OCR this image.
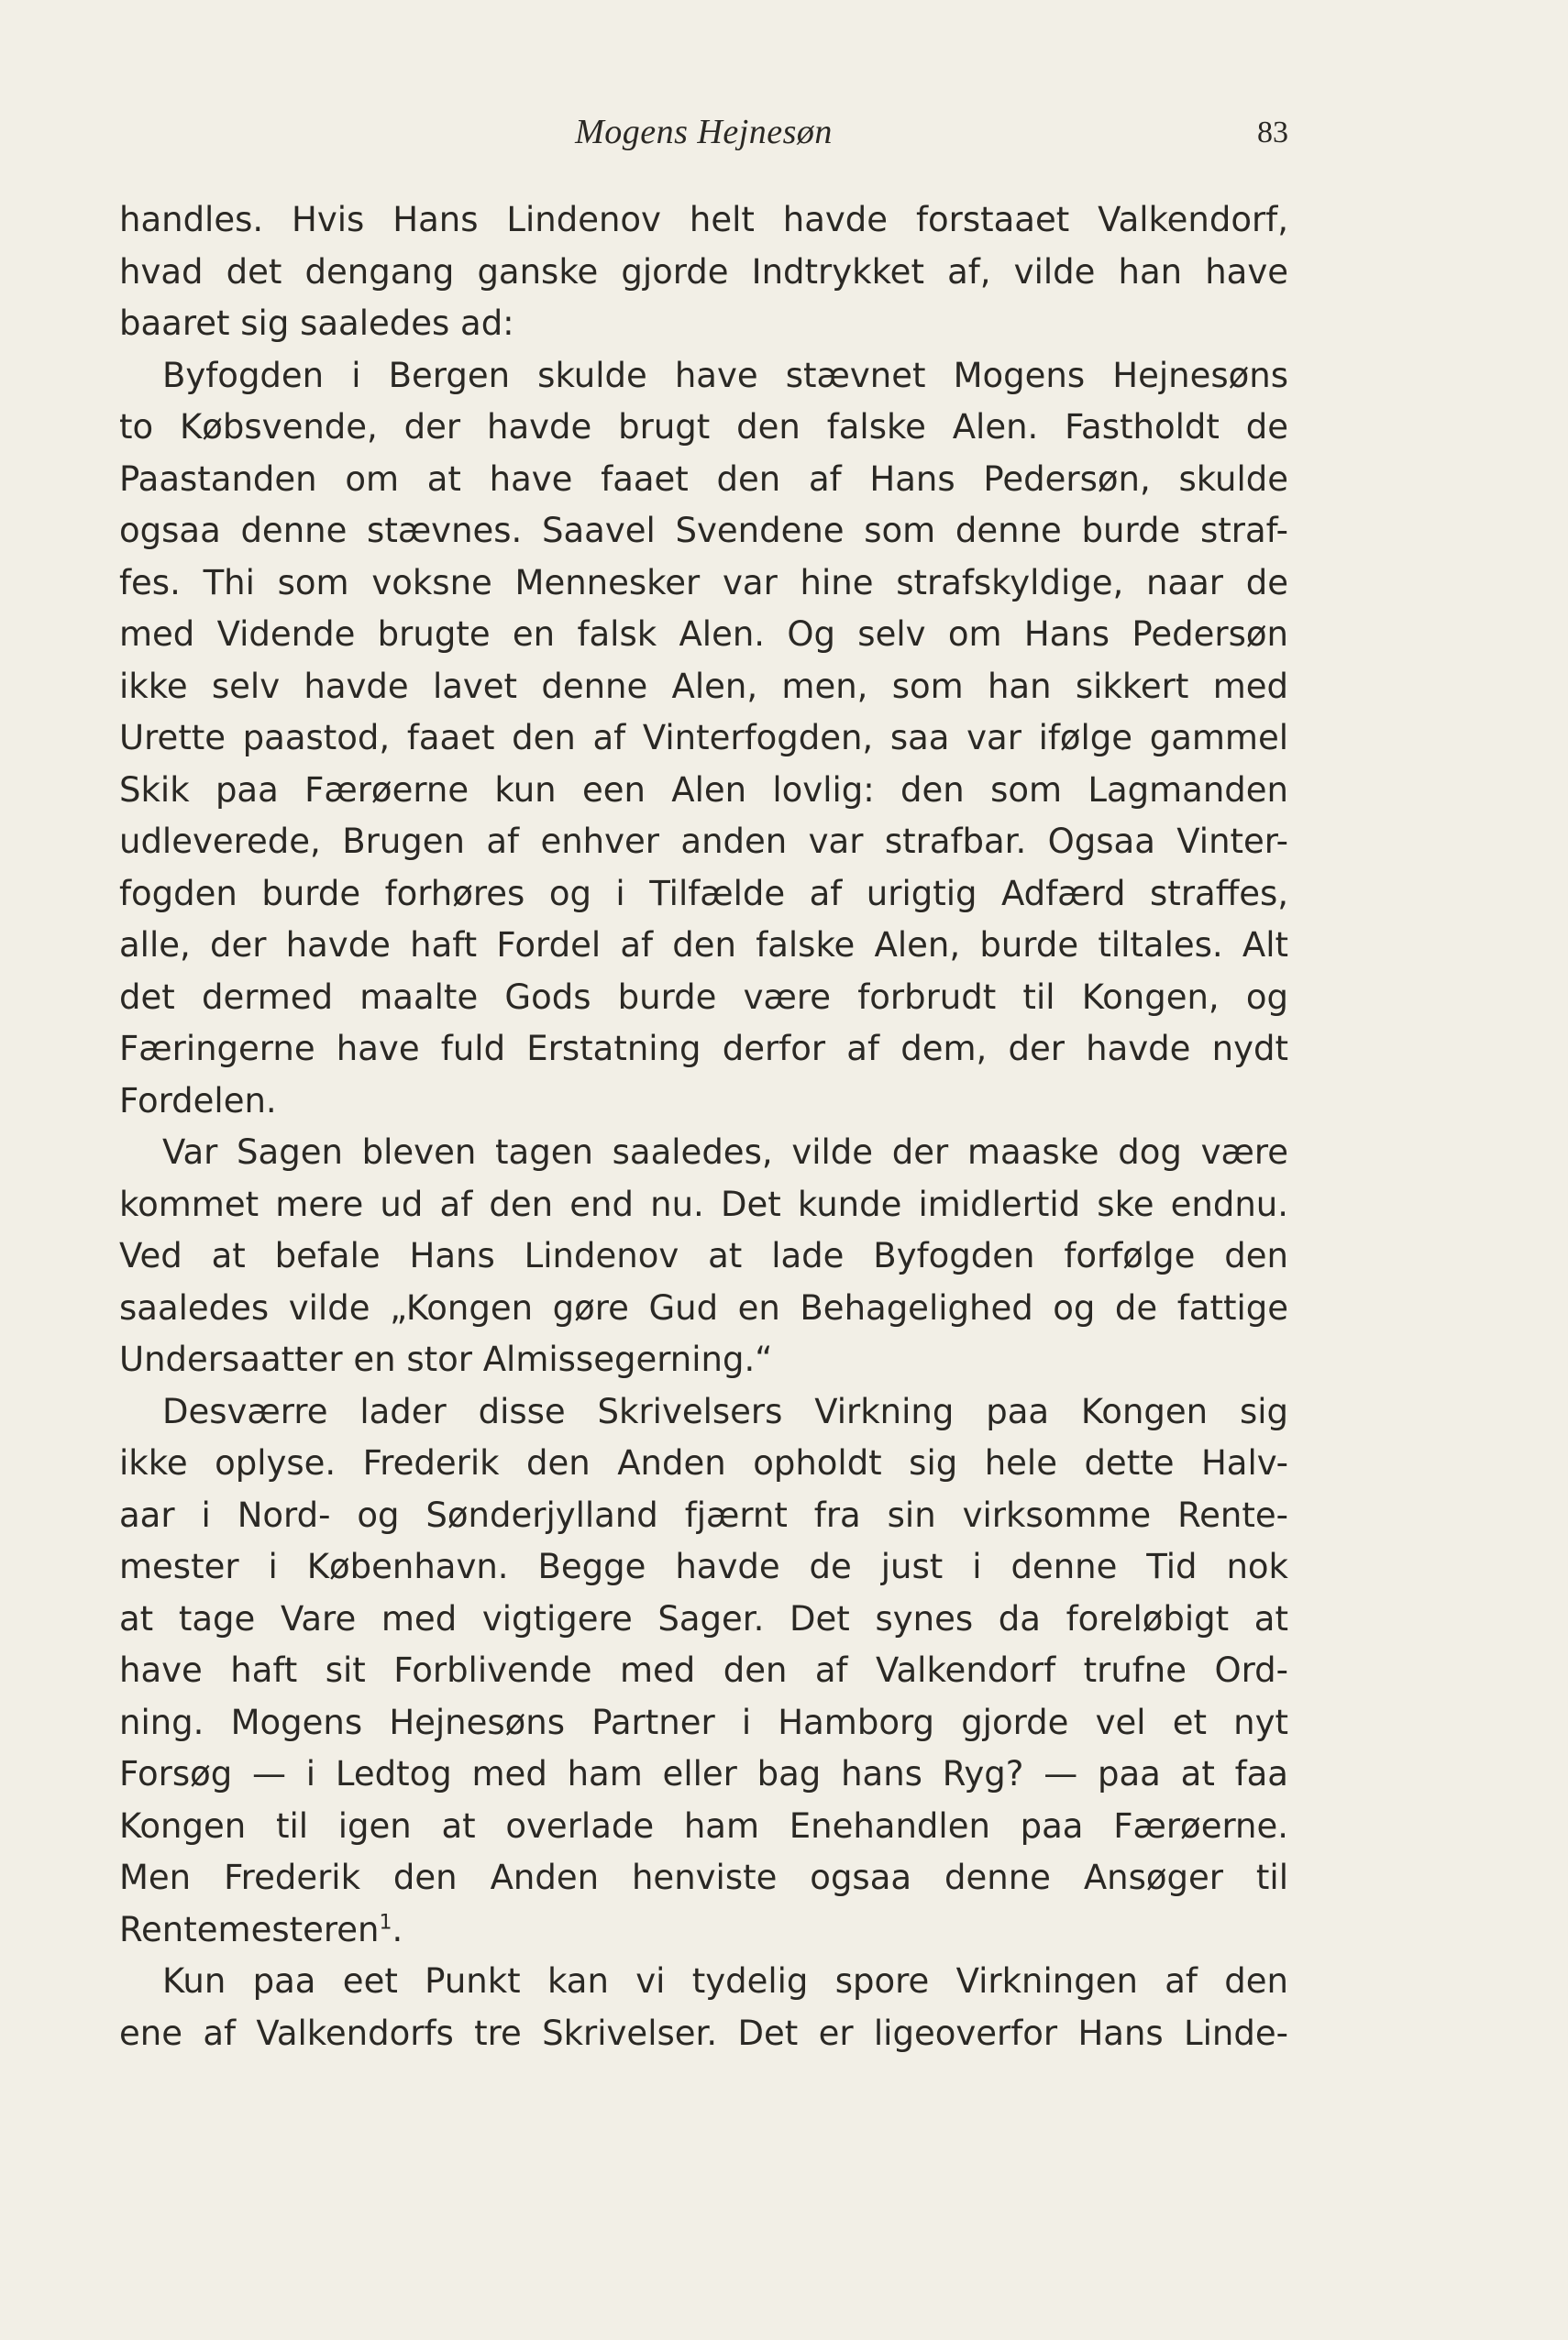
Mogens Hejnesøn	83
handles. Hvis Hans Lindenov helt havde forstaaet Valkendorf,
hvad det dengang ganske gjorde Indtrykket af, vilde han have
baaret sig saaledes ad:
Byfogden i Bergen skulde have stævnet Mogens Hejnesøns
to Købsvende, der havde brugt den falske Alen. Fastholdt de
Paastanden om at have faaet den af Hans Pedersøn, skulde
ogsaa denne stævnes. Saavel Svendene som denne burde straf-
fes. Thi som voksne Mennesker var hine strafskyldige, naar de
med Vidende brugte en falsk Alen. Og selv om Hans Pedersøn
ikke selv havde lavet denne Alen, men, som han sikkert med
Urette paastod, faaet den af Vinterfogden, saa var ifølge gammel
Skik paa Færøerne kun een Alen lovlig: den som Lagmanden
udleverede, Brugen af enhver anden var strafbar. Ogsaa Vinter-
fogden burde forhøres og i Tilfælde af urigtig Adfærd straffes,
alle, der havde haft Fordel af den falske Alen, burde tiltales. Alt
det dermed maalte Gods burde være forbrudt til Kongen, og
Færingerne have fuld Erstatning derfor af dem, der havde nydt
Fordelen.
Var Sagen bleven tagen saaledes, vilde der maaske dog være
kommet mere ud af den end nu. Det kunde imidlertid ske endnu.
Ved at befale Hans Lindenov at lade Byfogden forfølge den
saaledes vilde „Kongen gøre Gud en Behagelighed og de fattige
Undersaatter en stor Almissegerning.“
Desværre lader disse Skrivelsers Virkning paa Kongen sig
ikke oplyse. Frederik den Anden opholdt sig hele dette Halv-
aar i Nord- og Sønderjylland fjærnt fra sin virksomme Rente-
mester i København. Begge havde de just i denne Tid nok
at tage Vare med vigtigere Sager. Det synes da foreløbigt at
have haft sit Forblivende med den af Valkendorf trufne Ord-
ning. Mogens Hejnesøns Partner i Hamborg gjorde vel et nyt
Forsøg — i Ledtog med ham eller bag hans Ryg? — paa at faa
Kongen til igen at overlade ham Enehandlen paa Færøerne.
Men Frederik den Anden henviste ogsaa denne Ansøger til
Rentemesteren$^1$.
Kun paa eet Punkt kan vi tydelig spore Virkningen af den
ene af Valkendorfs tre Skrivelser. Det er ligeoverfor Hans Linde-
